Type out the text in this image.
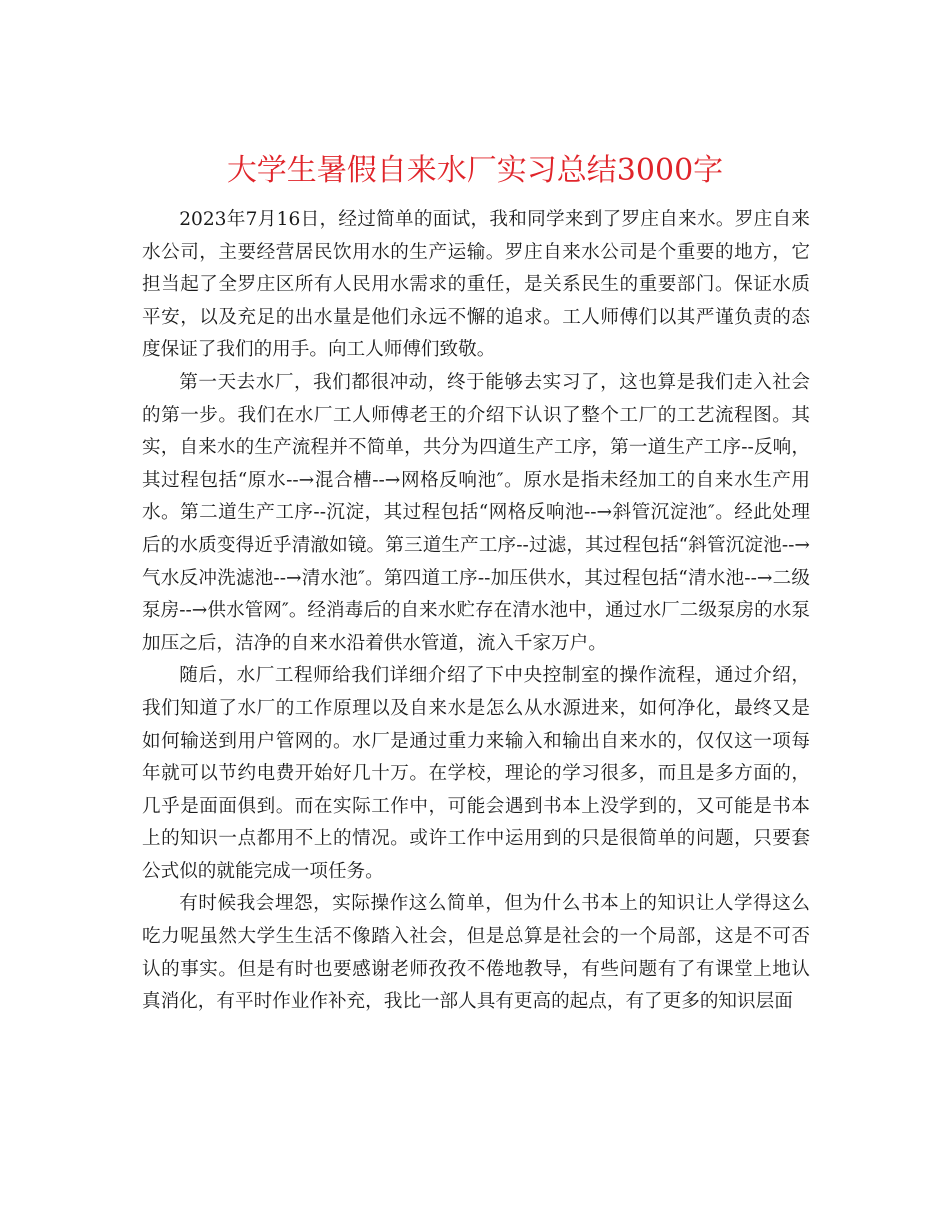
大学生暑假自来水厂实习总结3000字

2023年7月16日，经过简单的面试，我和同学来到了罗庄自来水。罗庄自来水公司，主要经营居民饮用水的生产运输。罗庄自来水公司是个重要的地方，它担当起了全罗庄区所有人民用水需求的重任，是关系民生的重要部门。保证水质平安，以及充足的出水量是他们永远不懈的追求。工人师傅们以其严谨负责的态度保证了我们的用手。向工人师傅们致敬。

第一天去水厂，我们都很冲动，终于能够去实习了，这也算是我们走入社会的第一步。我们在水厂工人师傅老王的介绍下认识了整个工厂的工艺流程图。其实，自来水的生产流程并不简单，共分为四道生产工序，第一道生产工序--反响，其过程包括“原水--→混合槽--→网格反响池″。原水是指未经加工的自来水生产用水。第二道生产工序--沉淀，其过程包括“网格反响池--→斜管沉淀池″。经此处理后的水质变得近乎清澈如镜。第三道生产工序--过滤，其过程包括“斜管沉淀池--→气水反冲洗滤池--→清水池″。第四道工序--加压供水，其过程包括“清水池--→二级泵房--→供水管网″。经消毒后的自来水贮存在清水池中，通过水厂二级泵房的水泵加压之后，洁净的自来水沿着供水管道，流入千家万户。

随后，水厂工程师给我们详细介绍了下中央控制室的操作流程，通过介绍，我们知道了水厂的工作原理以及自来水是怎么从水源进来，如何净化，最终又是如何输送到用户管网的。水厂是通过重力来输入和输出自来水的，仅仅这一项每年就可以节约电费开始好几十万。在学校，理论的学习很多，而且是多方面的，几乎是面面俱到。而在实际工作中，可能会遇到书本上没学到的，又可能是书本上的知识一点都用不上的情况。或许工作中运用到的只是很简单的问题，只要套公式似的就能完成一项任务。

有时候我会埋怨，实际操作这么简单，但为什么书本上的知识让人学得这么吃力呢虽然大学生生活不像踏入社会，但是总算是社会的一个局部，这是不可否认的事实。但是有时也要感谢老师孜孜不倦地教导，有些问题有了有课堂上地认真消化，有平时作业作补充，我比一部人具有更高的起点，有了更多的知识层面
